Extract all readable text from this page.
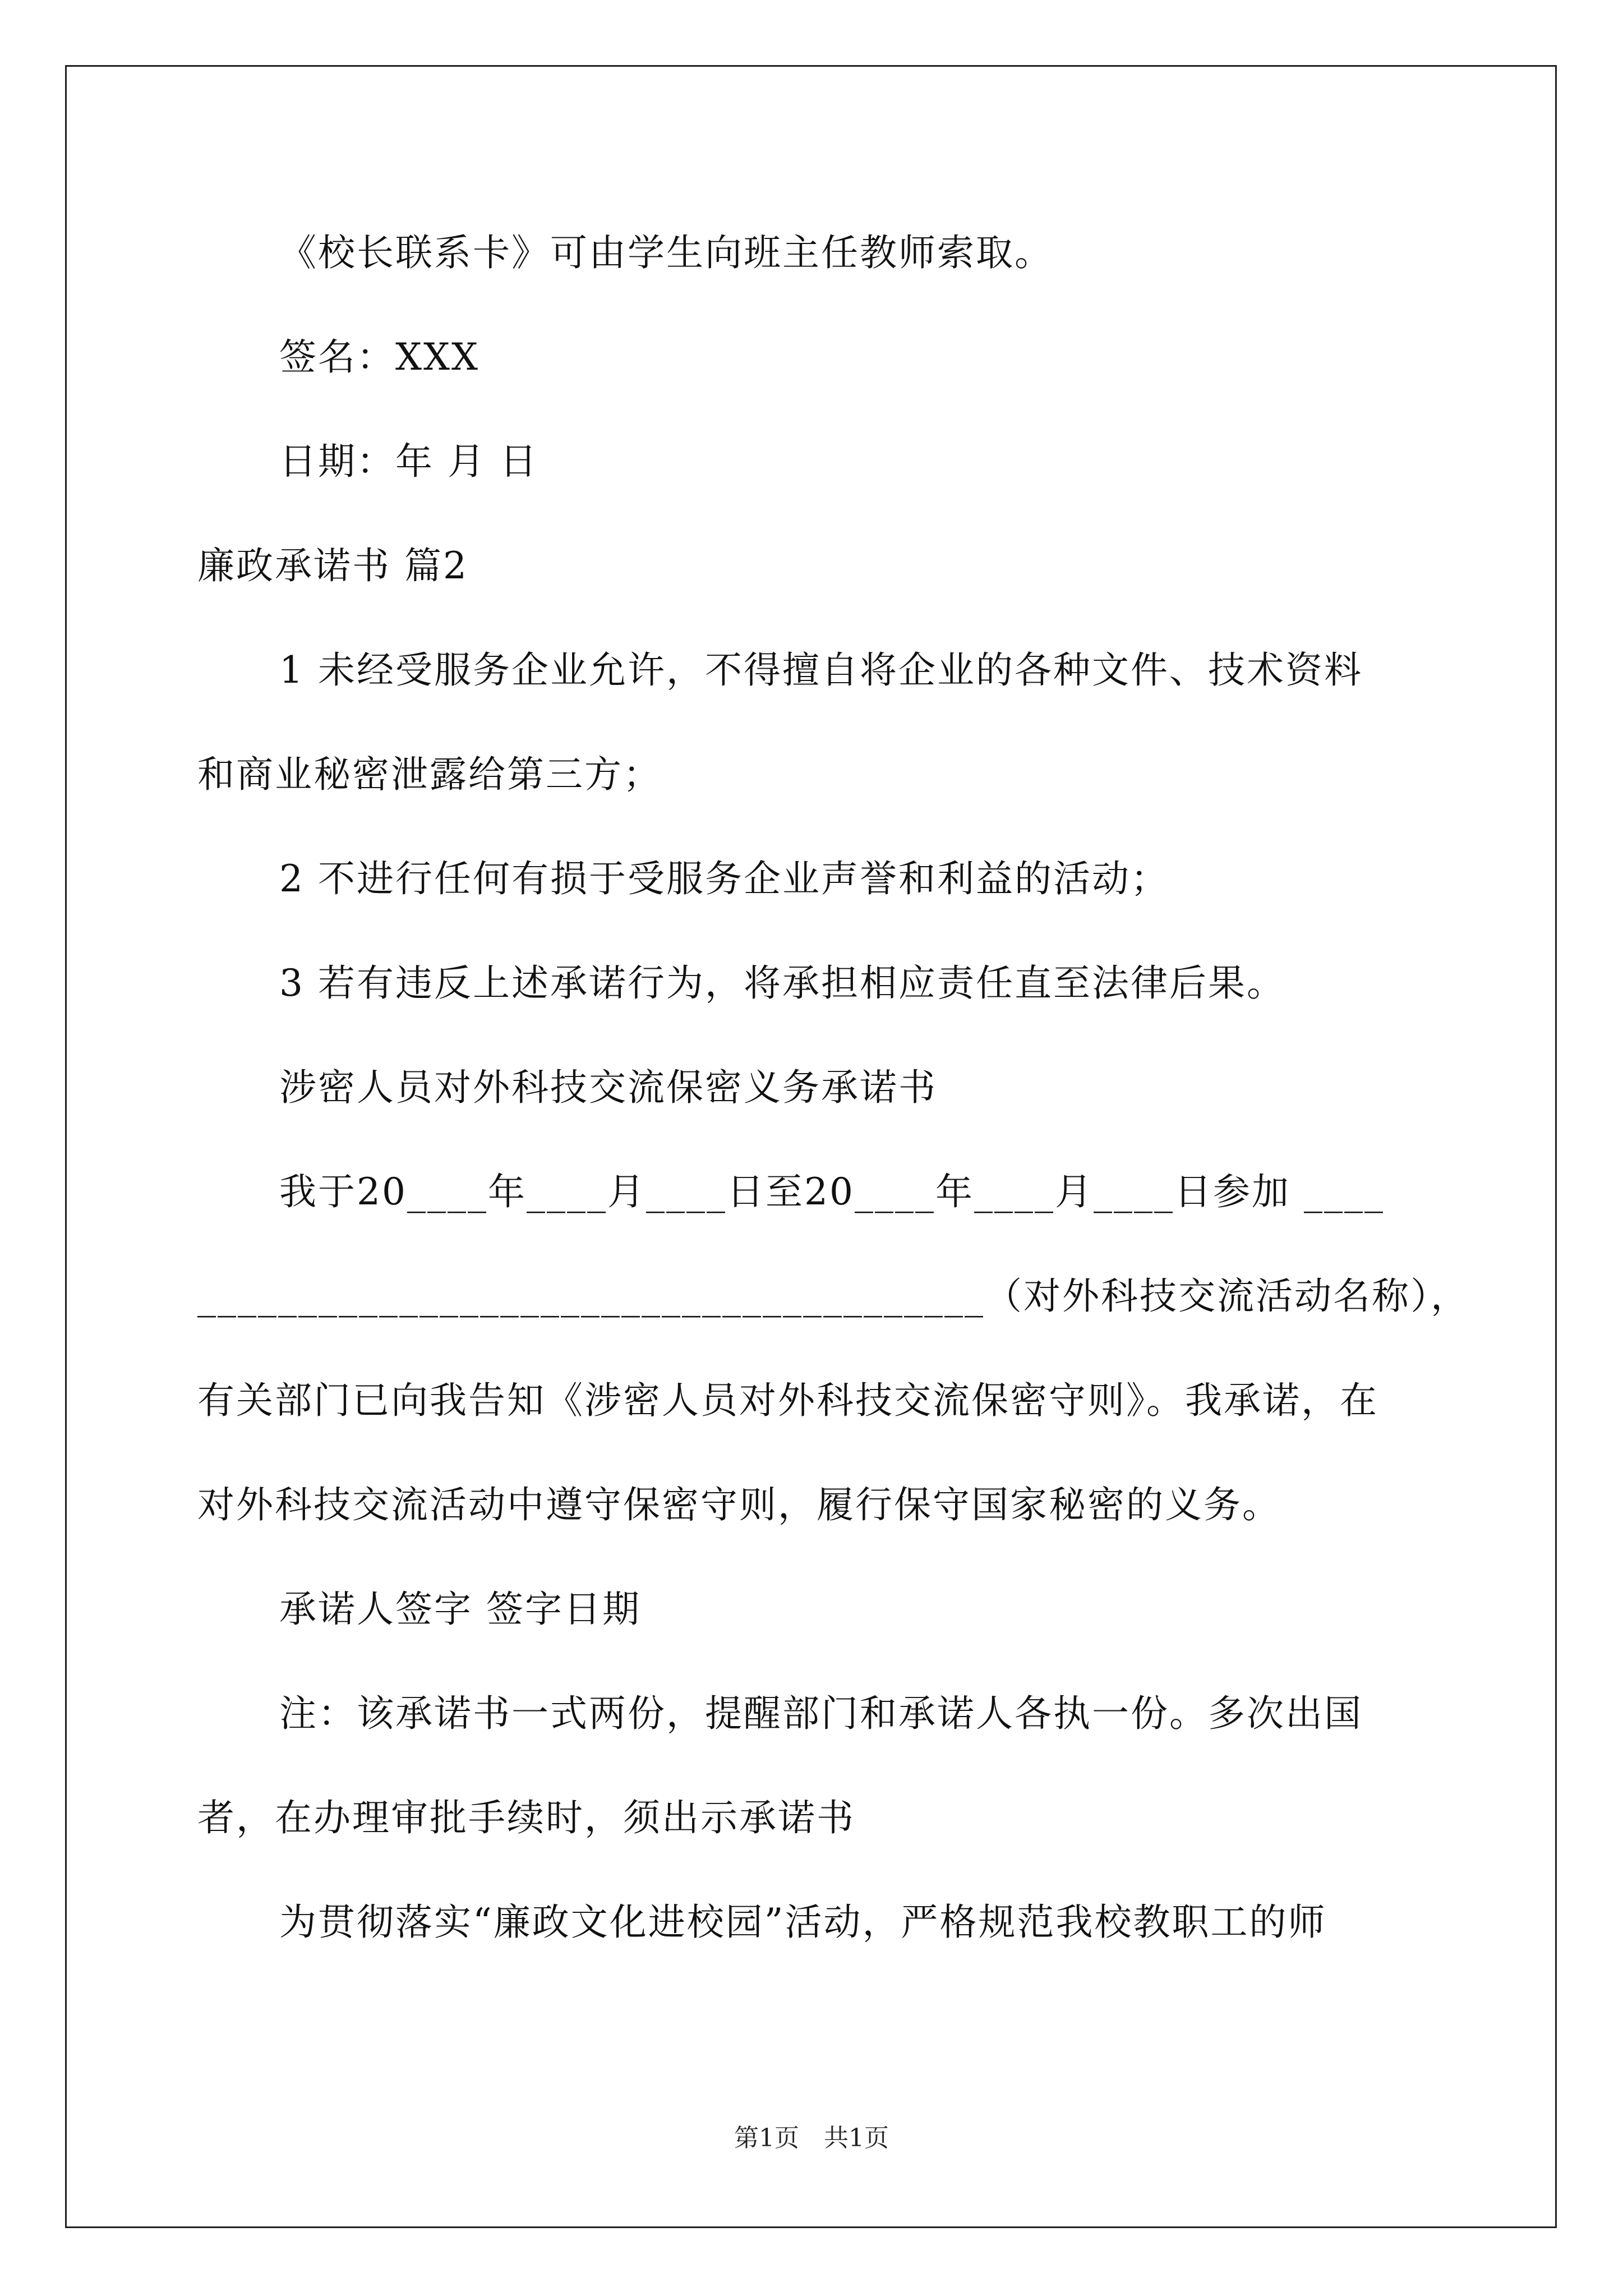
《校长联系卡》可由学生向班主任教师索取。
签名：XXX
日期：年 月 日
廉政承诺书 篇2
1 未经受服务企业允许，不得擅自将企业的各种文件、技术资料
和商业秘密泄露给第三方；
2 不进行任何有损于受服务企业声誉和利益的活动；
3 若有违反上述承诺行为，将承担相应责任直至法律后果。
涉密人员对外科技交流保密义务承诺书
我于20____年____月____日至20____年____月____日参加 ____
_______________________________________（对外科技交流活动名称），
有关部门已向我告知《涉密人员对外科技交流保密守则》。我承诺，在
对外科技交流活动中遵守保密守则，履行保守国家秘密的义务。
承诺人签字 签字日期
注：该承诺书一式两份，提醒部门和承诺人各执一份。多次出国
者，在办理审批手续时，须出示承诺书
为贯彻落实“廉政文化进校园”活动，严格规范我校教职工的师
第1页　共1页
